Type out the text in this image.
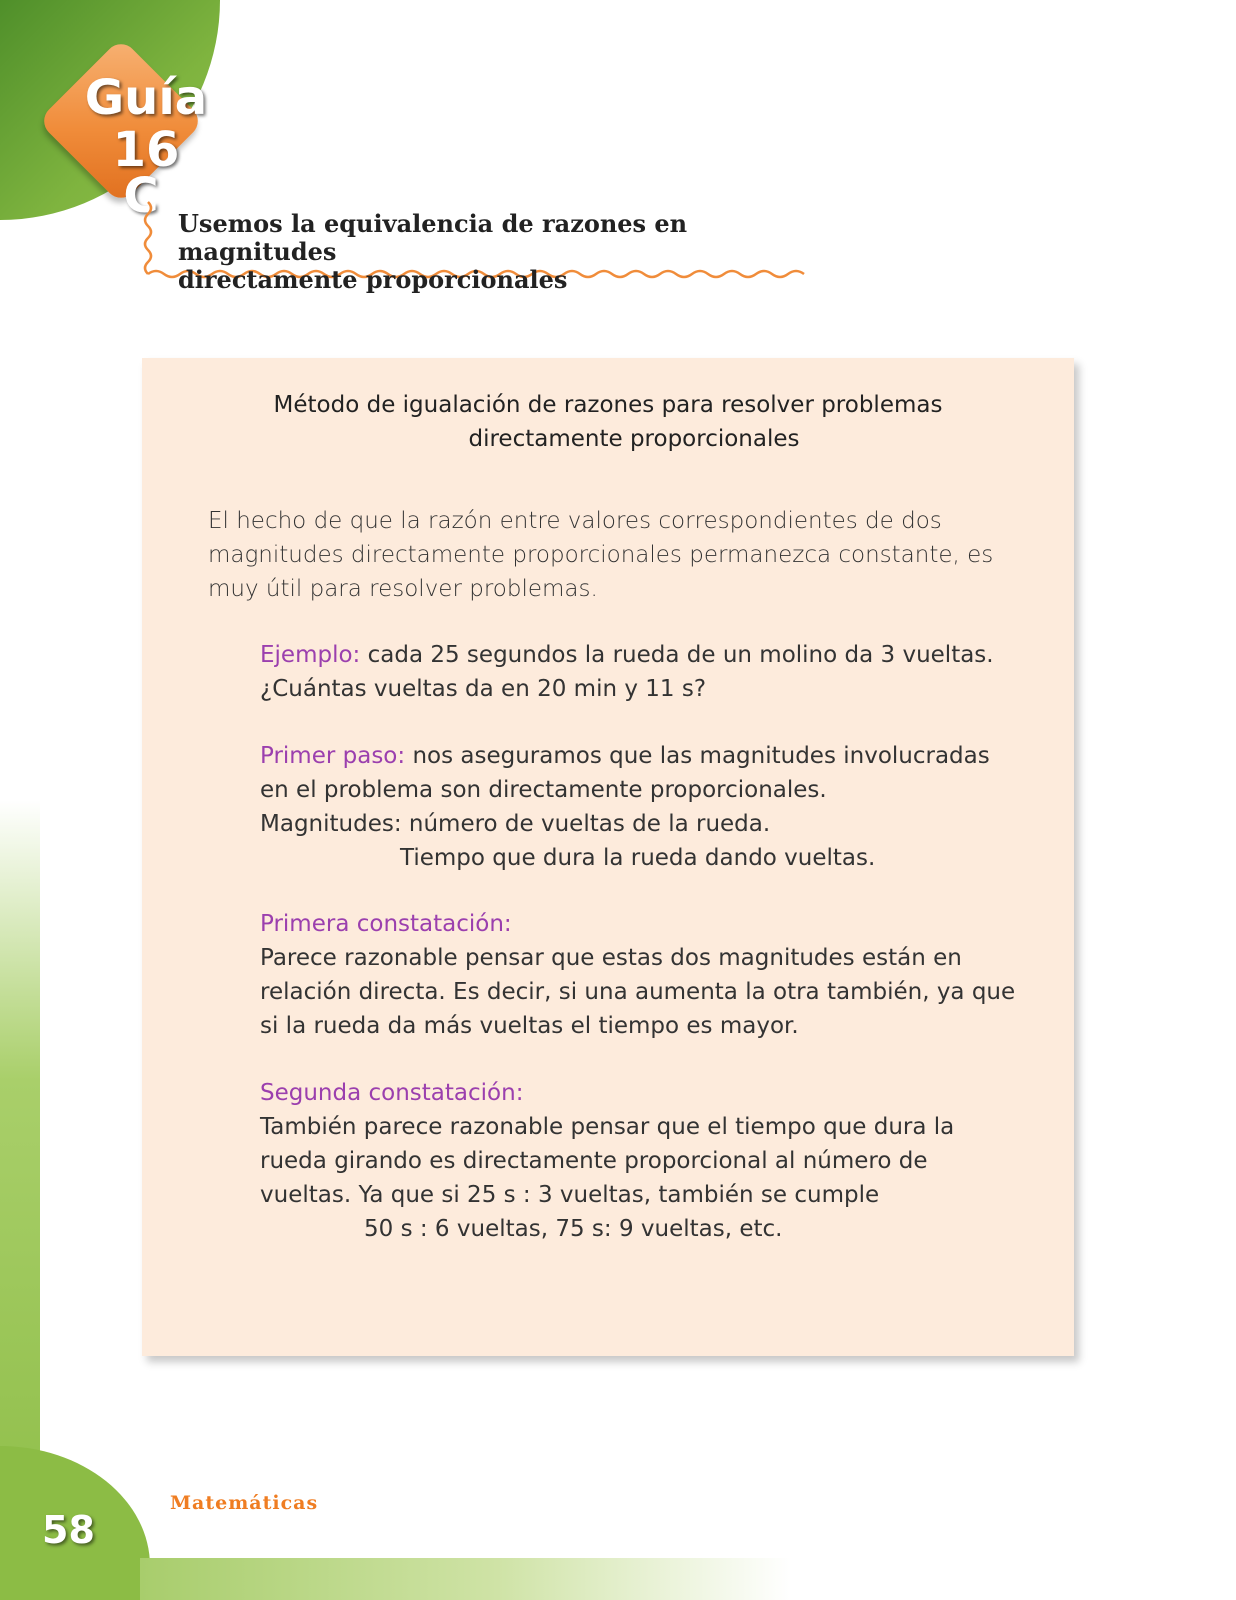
Guía 16
C Usemos la equivalencia de razones en magnitudes
directamente proporcionales
Método de igualación de razones para resolver problemas
directamente proporcionales
El hecho de que la razón entre valores correspondientes de dos magnitudes directamente proporcionales permanezca constante, es muy útil para resolver problemas.
Ejemplo: cada 25 segundos la rueda de un molino da 3 vueltas.
¿Cuántas vueltas da en 20 min y 11 s?
Primer paso: nos aseguramos que las magnitudes involucradas en el problema son directamente proporcionales.
Magnitudes: número de vueltas de la rueda.
Tiempo que dura la rueda dando vueltas.
Primera constatación:
Parece razonable pensar que estas dos magnitudes están en relación directa. Es decir, si una aumenta la otra también, ya que si la rueda da más vueltas el tiempo es mayor.
Segunda constatación:
También parece razonable pensar que el tiempo que dura la rueda girando es directamente proporcional al número de vueltas. Ya que si 25 s : 3 vueltas, también se cumple
50 s : 6 vueltas, 75 s: 9 vueltas, etc.
58
Matemáticas
